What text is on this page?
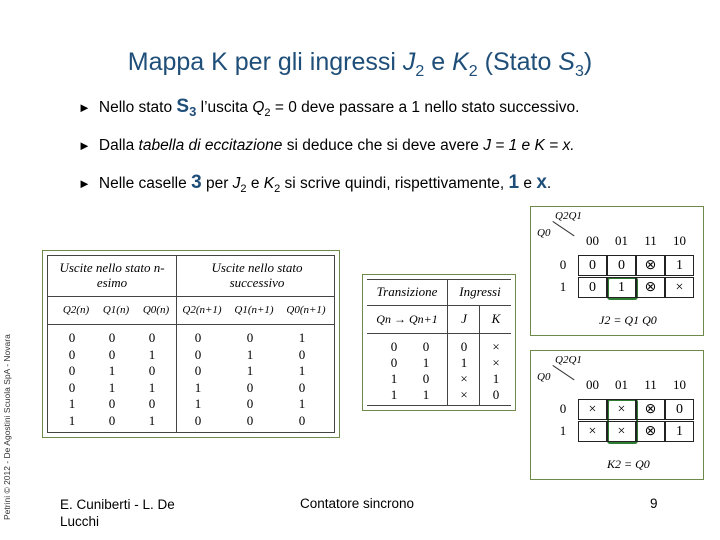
Mappa K per gli ingressi $J_2$ e $K_2$ (Stato $S_3$)
► Nello stato $S_3$ l’uscita $Q_2 = 0$ deve passare a 1 nello stato successivo.
► Dalla tabella di eccitazione si deduce che si deve avere J = 1 e K = x.
► Nelle caselle 3 per $J_2$ e $K_2$ si scrive quindi, rispettivamente, 1 e x.
Petrini © 2012 - De Agostini Scuola SpA - Novara
Uscite nello stato n-esimo
Uscite nello stato successivo
Q2(n)	Q1(n)	Q0(n)	Q2(n+1) Q1(n+1) Q0(n+1)
0	0	0	0	0	1
0	0	1	0	1	0
0	1	0	0	1	1
0	1	1	1	0	0
1	0	0	1	0	1
1	0	1	0	0	0
Transizione	Ingressi
Qn → Qn+1	J	K
0	0	0	×
0	1	1	×
1	0	×	1
1	1	×	0
Q2Q1
Q0
J2 = Q1 Q0
00	01	11	10
0	0	0	⊗	1
1	0	1	⊗	×
Q2Q1
Q0
K2 = Q0
00	01	11	10
0	×	×	⊗	0
1	×	×	⊗	1
E. Cuniberti - L. De Lucchi
Contatore sincrono	9
